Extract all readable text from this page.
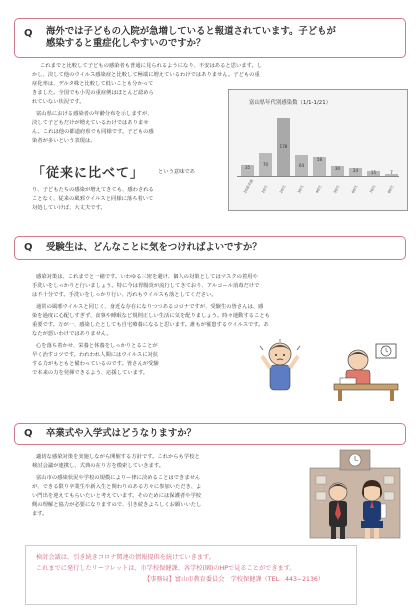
Q 海外では子どもの入院が急増していると報道されています。子どもが
感染すると重症化しやすいのですか？
これまでと比較して子どもの感染者も普通に見られるようになり、不安はあると思います。し
かし、決して他のウイルス感染症と比較して極端に増えているわけではありません。子どもの重
症化率は、デルタ株と比較して低いことも分かって
きました。全国でも小児の重症例はほとんど認めら
れていない状況です。
富山県における感染者の年齢分布を示しますが、
決して子どもだけが増えているわけではありませ
ん。これは他の都道府県でも同様です。子どもの感
染者が多いという表現は、
「従来に比べて」	という意味であ
り、子どもたちの感染が増えてきても、感わされる
ことなく、従来の風邪ウイルスと同様に落ち着いて
対処していけば、大丈夫です。
富山県年代別感染数（1/1-1/21）
35
10歳未満
70
10代
178
20代
64
30代
58
40代
30
50代
24
60代
15
70代
7
80代
Q 受験生は、どんなことに気をつければよいですか？
感染対策は、これまでと一緒です。いわゆる三密を避け、個人の対策としてはマスクの着用や
手洗いをしっかりと行いましょう。特に今は胃腸炎が流行してきており、アルコール消毒だけで
は不十分です。手洗いをしっかり行い、汚れもウイルスも落としてください。
通常の風邪ウイルスと同じく、身近な存在になりつつあるコロナですが、受験生の皆さんは、感
染を過度に心配しすぎず、食事や睡眠など規則正しい生活に気を配りましょう。時々運動することも
重要です。万が一、感染したとしても自宅療養になると思います。誰もが罹患するウイルスです。あ
なたが悪いわけではありません。
心を落ち着かせ、栄養と休養をしっかりとることが
早く治すコツです。われわれ人間にはウイルスに対抗
する力がもともと備わっているのです。皆さんが受験
で本来の力を発揮できるよう、応援しています。
Q 卒業式や入学式はどうなりますか？
適切な感染対策を実施しながら開催する方針です。これからも学校と
検討会議が連携し、式典の在り方を模索していきます。
富山市の感染状況や学校の規模によりー律に決めることはできません
が、できる限り卒業生や新入生と関わりのある方々に参加いただき、よ
い門出を迎えてもらいたいと考えています。そのためには保護者や学校
側の理解と協力が必要になりますので、引き続きよろしくお願いいたし
ます。
検討会議は、引き続きコロナ関連の情報提供を続けていきます。
これまでに発行したリーフレットは、市学校保健課、各学校(園)のHPで見ることができます。
【事務局】富山市教育委員会　学校保健課（TEL．443−2136）
